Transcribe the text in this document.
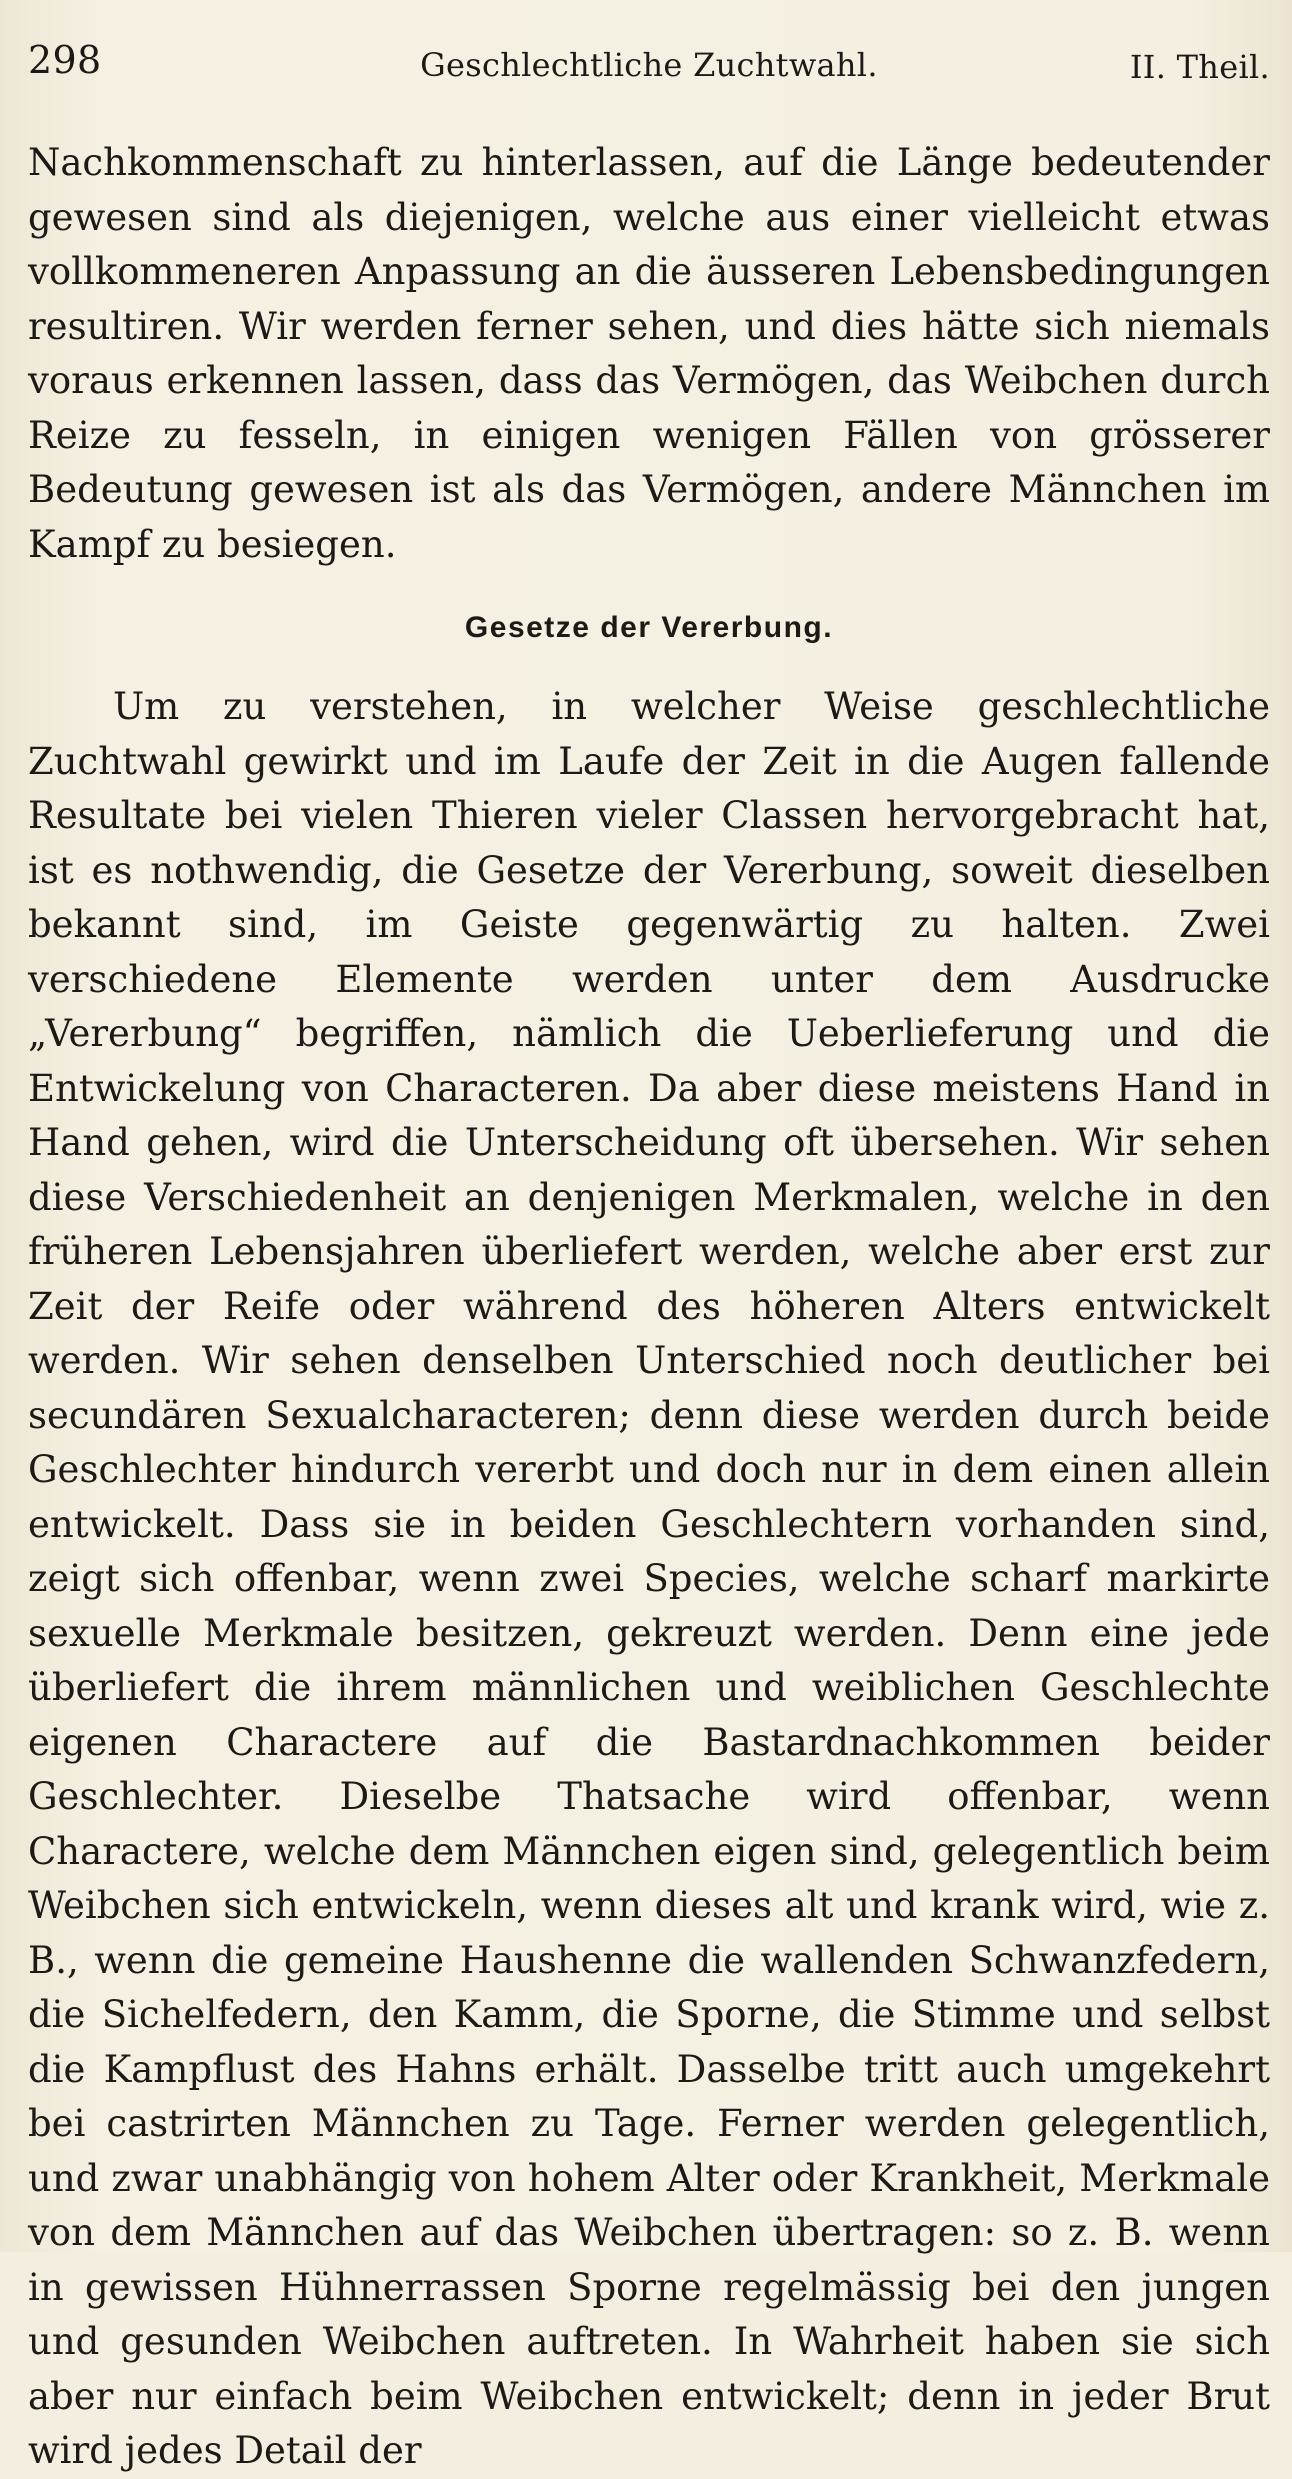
298	Geschlechtliche Zuchtwahl.	II. Theil.

Nachkommenschaft zu hinterlassen, auf die Länge bedeutender gewesen sind als diejenigen, welche aus einer vielleicht etwas vollkommeneren Anpassung an die äusseren Lebensbedingungen resultiren. Wir werden ferner sehen, und dies hätte sich niemals voraus erkennen lassen, dass das Vermögen, das Weibchen durch Reize zu fesseln, in einigen wenigen Fällen von grösserer Bedeutung gewesen ist als das Vermögen, andere Männchen im Kampf zu besiegen.

Gesetze der Vererbung.

Um zu verstehen, in welcher Weise geschlechtliche Zuchtwahl gewirkt und im Laufe der Zeit in die Augen fallende Resultate bei vielen Thieren vieler Classen hervorgebracht hat, ist es nothwendig, die Gesetze der Vererbung, soweit dieselben bekannt sind, im Geiste gegenwärtig zu halten. Zwei verschiedene Elemente werden unter dem Ausdrucke „Vererbung“ begriffen, nämlich die Ueberlieferung und die Entwickelung von Characteren. Da aber diese meistens Hand in Hand gehen, wird die Unterscheidung oft übersehen. Wir sehen diese Verschiedenheit an denjenigen Merkmalen, welche in den früheren Lebensjahren überliefert werden, welche aber erst zur Zeit der Reife oder während des höheren Alters entwickelt werden. Wir sehen denselben Unterschied noch deutlicher bei secundären Sexualcharacteren; denn diese werden durch beide Geschlechter hindurch vererbt und doch nur in dem einen allein entwickelt. Dass sie in beiden Geschlechtern vorhanden sind, zeigt sich offenbar, wenn zwei Species, welche scharf markirte sexuelle Merkmale besitzen, gekreuzt werden. Denn eine jede überliefert die ihrem männlichen und weiblichen Geschlechte eigenen Charactere auf die Bastardnachkommen beider Geschlechter. Dieselbe Thatsache wird offenbar, wenn Charactere, welche dem Männchen eigen sind, gelegentlich beim Weibchen sich entwickeln, wenn dieses alt und krank wird, wie z. B., wenn die gemeine Haushenne die wallenden Schwanzfedern, die Sichelfedern, den Kamm, die Sporne, die Stimme und selbst die Kampflust des Hahns erhält. Dasselbe tritt auch umgekehrt bei castrirten Männchen zu Tage. Ferner werden gelegentlich, und zwar unabhängig von hohem Alter oder Krankheit, Merkmale von dem Männchen auf das Weibchen übertragen: so z. B. wenn in gewissen Hühnerrassen Sporne regelmässig bei den jungen und gesunden Weibchen auftreten. In Wahrheit haben sie sich aber nur einfach beim Weibchen entwickelt; denn in jeder Brut wird jedes Detail der
